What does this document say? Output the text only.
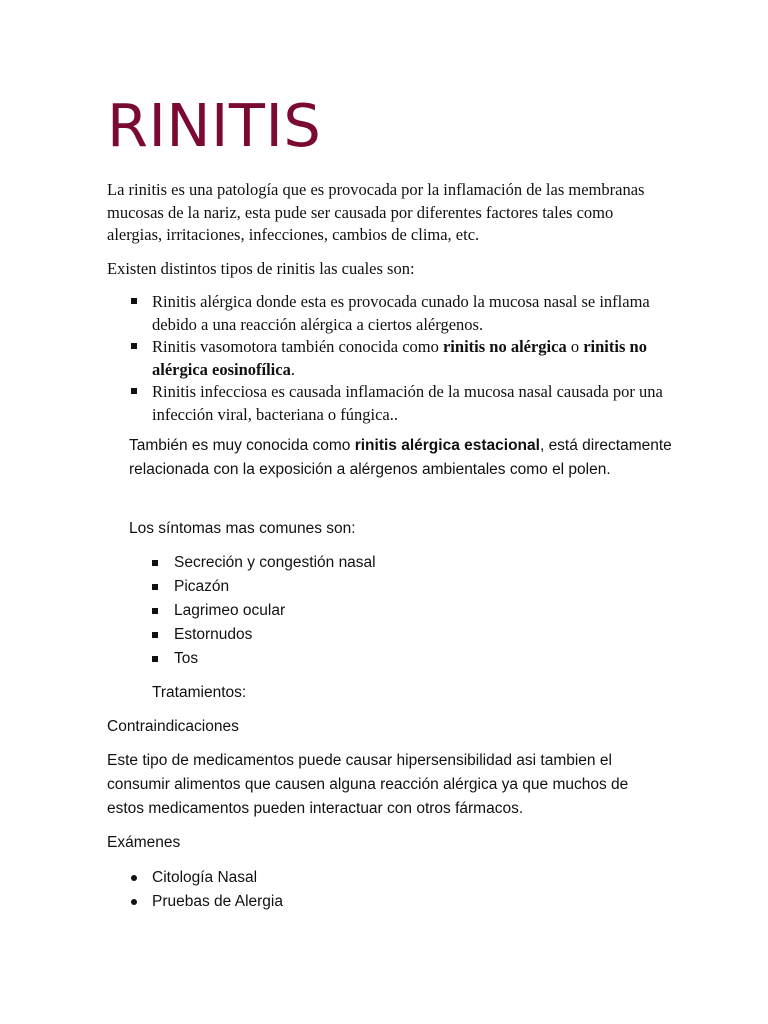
RINITIS

La rinitis es una patología que es provocada por la inflamación de las membranas mucosas de la nariz, esta pude ser causada por diferentes factores tales como alergias, irritaciones, infecciones, cambios de clima, etc.

Existen distintos tipos de rinitis las cuales son:

Rinitis alérgica donde esta es provocada cunado la mucosa nasal se inflama debido a una reacción alérgica a ciertos alérgenos.
Rinitis vasomotora también conocida como rinitis no alérgica o rinitis no alérgica eosinofílica.
Rinitis infecciosa es causada inflamación de la mucosa nasal causada por una infección viral, bacteriana o fúngica..

También es muy conocida como rinitis alérgica estacional, está directamente relacionada con la exposición a alérgenos ambientales como el polen.

Los síntomas mas comunes son:

Secreción y congestión nasal
Picazón
Lagrimeo ocular
Estornudos
Tos

Tratamientos:

Contraindicaciones

Este tipo de medicamentos puede causar hipersensibilidad asi tambien el consumir alimentos que causen alguna reacción alérgica ya que muchos de estos medicamentos pueden interactuar con otros fármacos.

Exámenes

Citología Nasal
Pruebas de Alergia
